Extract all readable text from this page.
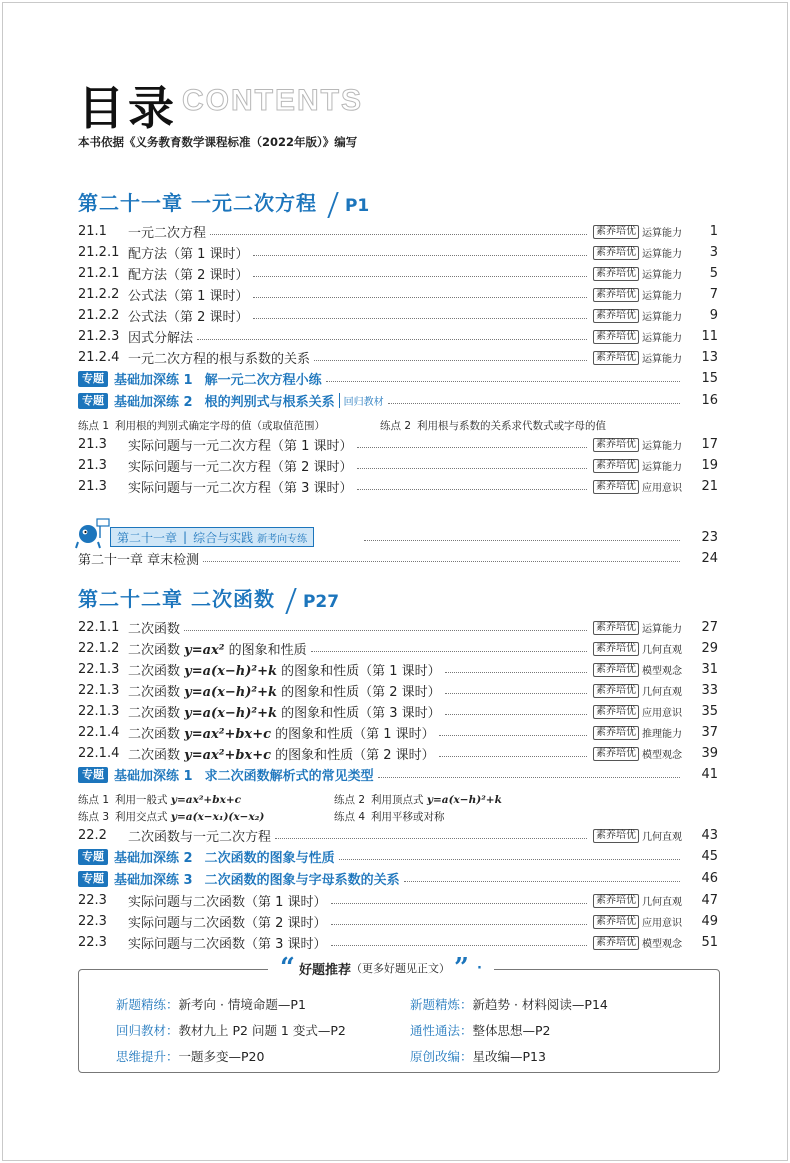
目录 CONTENTS
本书依据《义务教育数学课程标准（2022年版）》编写
第二十一章 一元二次方程 P1
21.1	一元二次方程	素养培优 运算能力	1
21.2.1 配方法（第 1 课时）	素养培优 运算能力	3
21.2.1 配方法（第 2 课时）	素养培优 运算能力	5
21.2.2 公式法（第 1 课时）	素养培优 运算能力	7
21.2.2 公式法（第 2 课时）	素养培优 运算能力	9
21.2.3 因式分解法	素养培优 运算能力	11
21.2.4 一元二次方程的根与系数的关系	素养培优 运算能力	13
专题 基础加深练 1 解一元二次方程小练	15
专题 基础加深练 2 根的判别式与根系关系 回归教材	16
练点 1 利用根的判别式确定字母的值（或取值范围）	练点 2 利用根与系数的关系求代数式或字母的值
21.3	实际问题与一元二次方程（第 1 课时）	素养培优 运算能力	17
21.3	实际问题与一元二次方程（第 2 课时）	素养培优 运算能力	19
21.3	实际问题与一元二次方程（第 3 课时）	素养培优 应用意识	21
第二十一章 | 综合与实践 新考向专练	23
第二十一章 章末检测	24
第二十二章 二次函数 P27
22.1.1 二次函数	素养培优 运算能力	27
22.1.2 二次函数 y=ax² 的图象和性质	素养培优 几何直观	29
22.1.3 二次函数 y=a(x−h)²+k 的图象和性质（第 1 课时）	素养培优 模型观念	31
22.1.3 二次函数 y=a(x−h)²+k 的图象和性质（第 2 课时）	素养培优 几何直观	33
22.1.3 二次函数 y=a(x−h)²+k 的图象和性质（第 3 课时）	素养培优 应用意识	35
22.1.4 二次函数 y=ax²+bx+c 的图象和性质（第 1 课时）	素养培优 推理能力	37
22.1.4 二次函数 y=ax²+bx+c 的图象和性质（第 2 课时）	素养培优 模型观念	39
专题 基础加深练 1 求二次函数解析式的常见类型	41
练点 1 利用一般式 y=ax²+bx+c	练点 2 利用顶点式 y=a(x−h)²+k
练点 3 利用交点式 y=a(x−x₁)(x−x₂)	练点 4 利用平移或对称
22.2	二次函数与一元二次方程	素养培优 几何直观	43
专题 基础加深练 2 二次函数的图象与性质	45
专题 基础加深练 3 二次函数的图象与字母系数的关系	46
22.3	实际问题与二次函数（第 1 课时）	素养培优 几何直观	47
22.3	实际问题与二次函数（第 2 课时）	素养培优 应用意识	49
22.3	实际问题与二次函数（第 3 课时）	素养培优 模型观念	51
“ 好题推荐 （更多好题见正文） ” ·
新题精练：新考向 · 情境命题—P1	新题精炼：新趋势 · 材料阅读—P14
回归教材：教材九上 P2 问题 1 变式—P2	通性通法：整体思想—P2
思维提升：一题多变—P20	原创改编：星改编—P13
